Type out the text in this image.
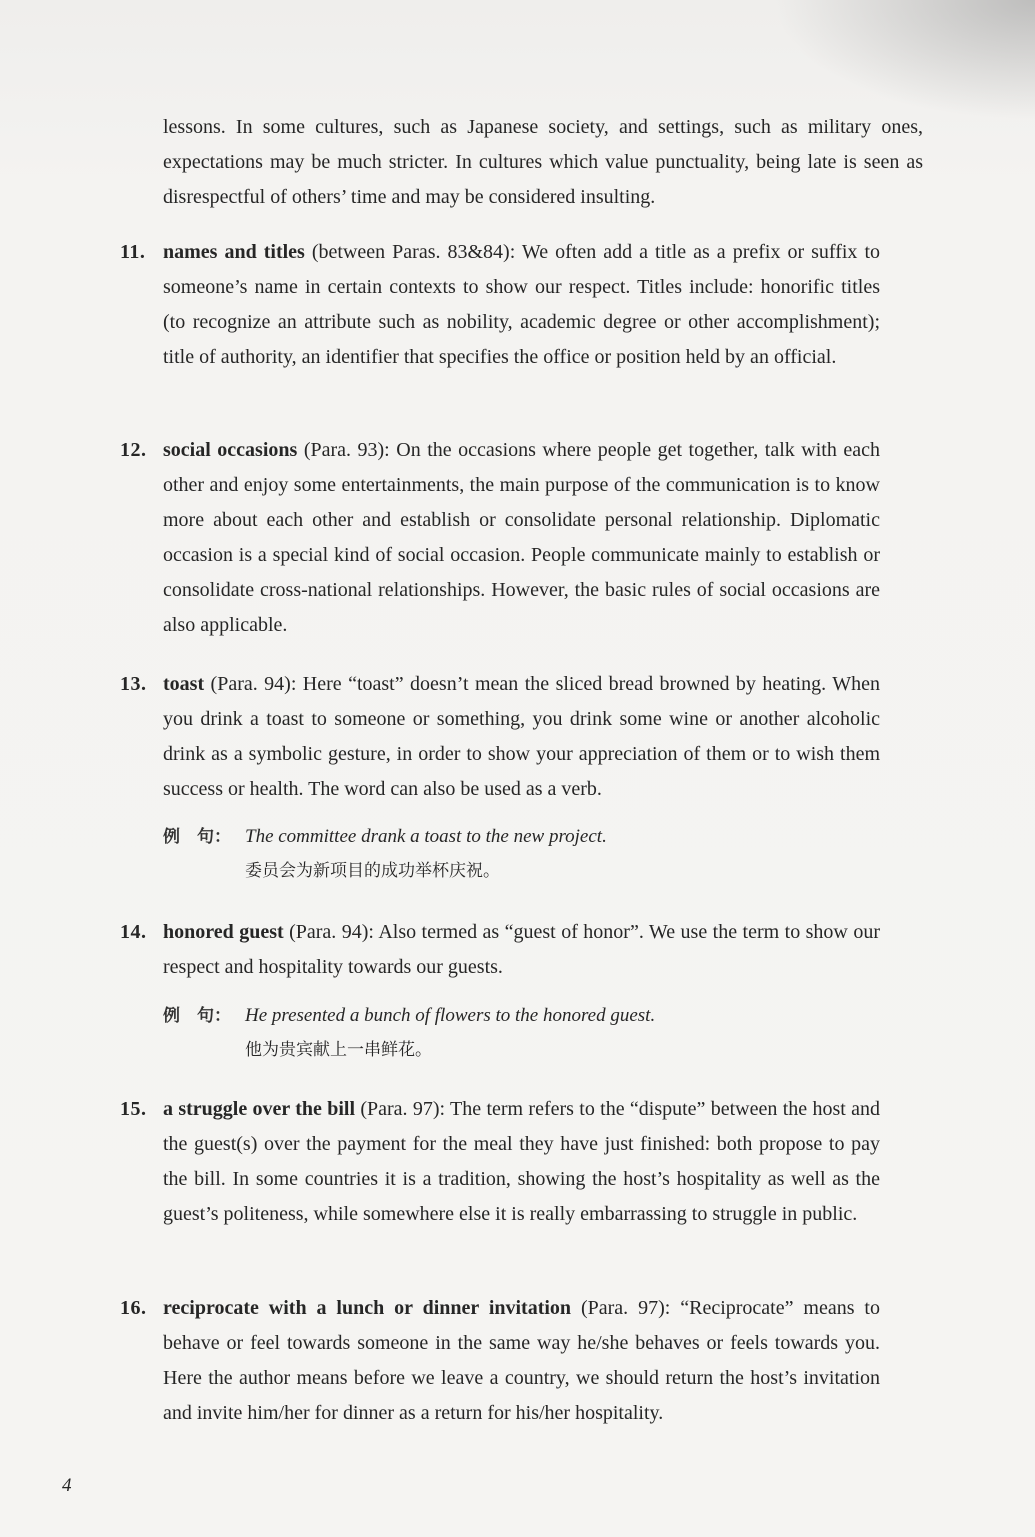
lessons. In some cultures, such as Japanese society, and settings, such as military ones, expectations may be much stricter. In cultures which value punctuality, being late is seen as disrespectful of others’ time and may be considered insulting.

11. names and titles (between Paras. 83&84): We often add a title as a prefix or suffix to someone’s name in certain contexts to show our respect. Titles include: honorific titles (to recognize an attribute such as nobility, academic degree or other accomplishment); title of authority, an identifier that specifies the office or position held by an official.
12. social occasions (Para. 93): On the occasions where people get together, talk with each other and enjoy some entertainments, the main purpose of the communication is to know more about each other and establish or consolidate personal relationship. Diplomatic occasion is a special kind of social occasion. People communicate mainly to establish or consolidate cross-national relationships. However, the basic rules of social occasions are also applicable.
13. toast (Para. 94): Here “toast” doesn’t mean the sliced bread browned by heating. When you drink a toast to someone or something, you drink some wine or another alcoholic drink as a symbolic gesture, in order to show your appreciation of them or to wish them success or health. The word can also be used as a verb.
例　句： The committee drank a toast to the new project.
委员会为新项目的成功举杯庆祝。
14. honored guest (Para. 94): Also termed as “guest of honor”. We use the term to show our respect and hospitality towards our guests.
例　句： He presented a bunch of flowers to the honored guest.
他为贵宾献上一串鲜花。
15. a struggle over the bill (Para. 97): The term refers to the “dispute” between the host and the guest(s) over the payment for the meal they have just finished: both propose to pay the bill. In some countries it is a tradition, showing the host’s hospitality as well as the guest’s politeness, while somewhere else it is really embarrassing to struggle in public.
16. reciprocate with a lunch or dinner invitation (Para. 97): “Reciprocate” means to behave or feel towards someone in the same way he/she behaves or feels towards you. Here the author means before we leave a country, we should return the host’s invitation and invite him/her for dinner as a return for his/her hospitality.
4
